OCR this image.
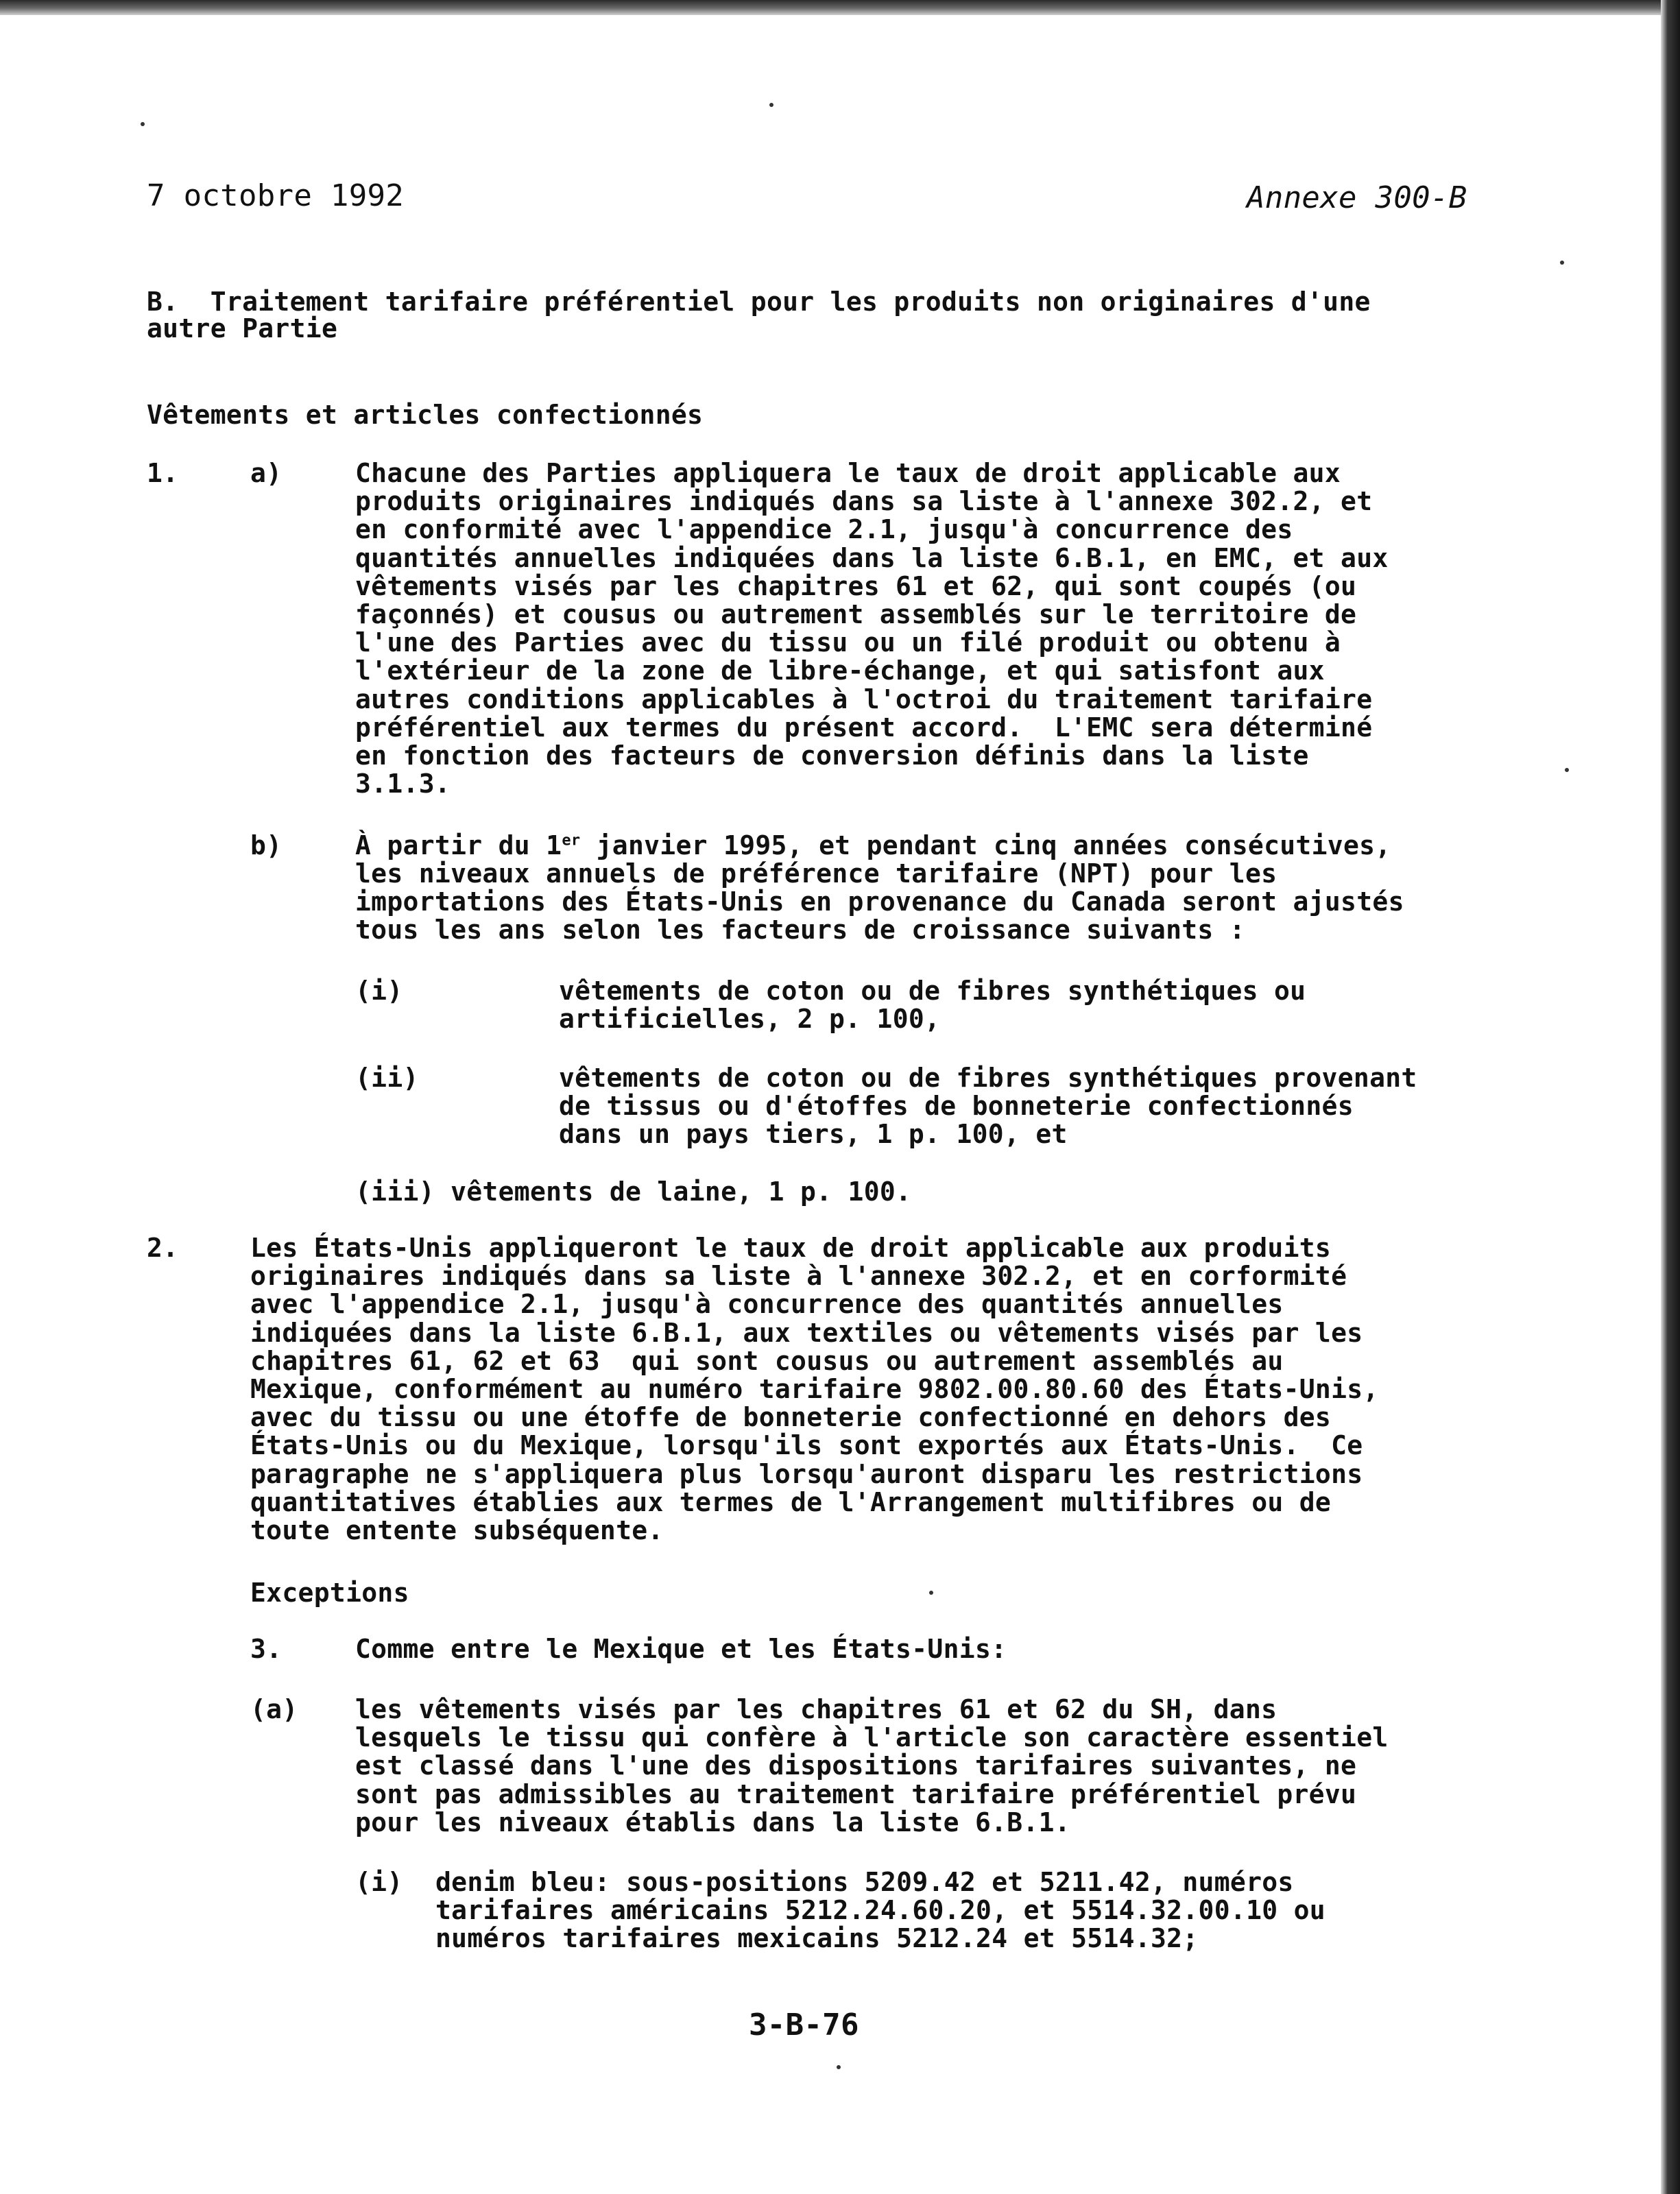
7 octobre 1992	Annexe 300-B
B.  Traitement tarifaire préférentiel pour les produits non originaires d'une
autre Partie
Vêtements et articles confectionnés
1.	a)	Chacune des Parties appliquera le taux de droit applicable aux
produits originaires indiqués dans sa liste à l'annexe 302.2, et
en conformité avec l'appendice 2.1, jusqu'à concurrence des
quantités annuelles indiquées dans la liste 6.B.1, en EMC, et aux
vêtements visés par les chapitres 61 et 62, qui sont coupés (ou
façonnés) et cousus ou autrement assemblés sur le territoire de
l'une des Parties avec du tissu ou un filé produit ou obtenu à
l'extérieur de la zone de libre-échange, et qui satisfont aux
autres conditions applicables à l'octroi du traitement tarifaire
préférentiel aux termes du présent accord.  L'EMC sera déterminé
en fonction des facteurs de conversion définis dans la liste
3.1.3.
b)	À partir du 1er janvier 1995, et pendant cinq années consécutives,
les niveaux annuels de préférence tarifaire (NPT) pour les
importations des États-Unis en provenance du Canada seront ajustés
tous les ans selon les facteurs de croissance suivants :
(i)	vêtements de coton ou de fibres synthétiques ou
artificielles, 2 p. 100,
(ii)	vêtements de coton ou de fibres synthétiques provenant
de tissus ou d'étoffes de bonneterie confectionnés
dans un pays tiers, 1 p. 100, et
(iii) vêtements de laine, 1 p. 100.
2.	Les États-Unis appliqueront le taux de droit applicable aux produits
originaires indiqués dans sa liste à l'annexe 302.2, et en corformité
avec l'appendice 2.1, jusqu'à concurrence des quantités annuelles
indiquées dans la liste 6.B.1, aux textiles ou vêtements visés par les
chapitres 61, 62 et 63  qui sont cousus ou autrement assemblés au
Mexique, conformément au numéro tarifaire 9802.00.80.60 des États-Unis,
avec du tissu ou une étoffe de bonneterie confectionné en dehors des
États-Unis ou du Mexique, lorsqu'ils sont exportés aux États-Unis.  Ce
paragraphe ne s'appliquera plus lorsqu'auront disparu les restrictions
quantitatives établies aux termes de l'Arrangement multifibres ou de
toute entente subséquente.
Exceptions
3.	Comme entre le Mexique et les États-Unis:
(a) les vêtements visés par les chapitres 61 et 62 du SH, dans
lesquels le tissu qui confère à l'article son caractère essentiel
est classé dans l'une des dispositions tarifaires suivantes, ne
sont pas admissibles au traitement tarifaire préférentiel prévu
pour les niveaux établis dans la liste 6.B.1.
(i) denim bleu: sous-positions 5209.42 et 5211.42, numéros
tarifaires américains 5212.24.60.20, et 5514.32.00.10 ou
numéros tarifaires mexicains 5212.24 et 5514.32;
3-B-76
